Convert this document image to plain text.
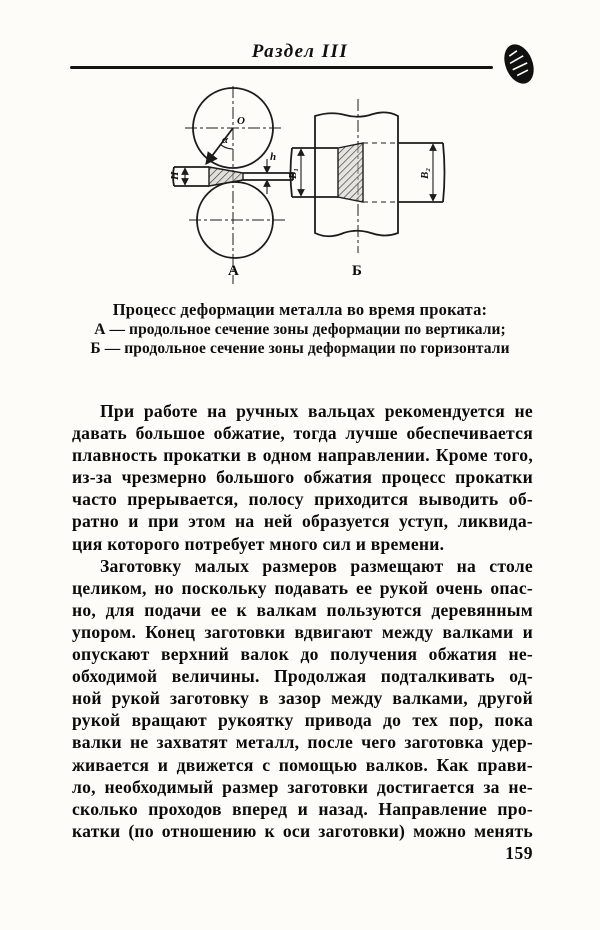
Раздел III
O
α
Н
h
А
В₁	В₂
Б
Процесс деформации металла во время проката:
А — продольное сечение зоны деформации по вертикали;
Б — продольное сечение зоны деформации по горизонтали
При работе на ручных вальцах рекомендуется не
давать большое обжатие, тогда лучше обеспечивается
плавность прокатки в одном направлении. Кроме того,
из-за чрезмерно большого обжатия процесс прокатки
часто прерывается, полосу приходится выводить об-
ратно и при этом на ней образуется уступ, ликвида-
ция которого потребует много сил и времени.
Заготовку малых размеров размещают на столе
целиком, но поскольку подавать ее рукой очень опас-
но, для подачи ее к валкам пользуются деревянным
упором. Конец заготовки вдвигают между валками и
опускают верхний валок до получения обжатия не-
обходимой величины. Продолжая подталкивать од-
ной рукой заготовку в зазор между валками, другой
рукой вращают рукоятку привода до тех пор, пока
валки не захватят металл, после чего заготовка удер-
живается и движется с помощью валков. Как прави-
ло, необходимый размер заготовки достигается за не-
сколько проходов вперед и назад. Направление про-
катки (по отношению к оси заготовки) можно менять
159
